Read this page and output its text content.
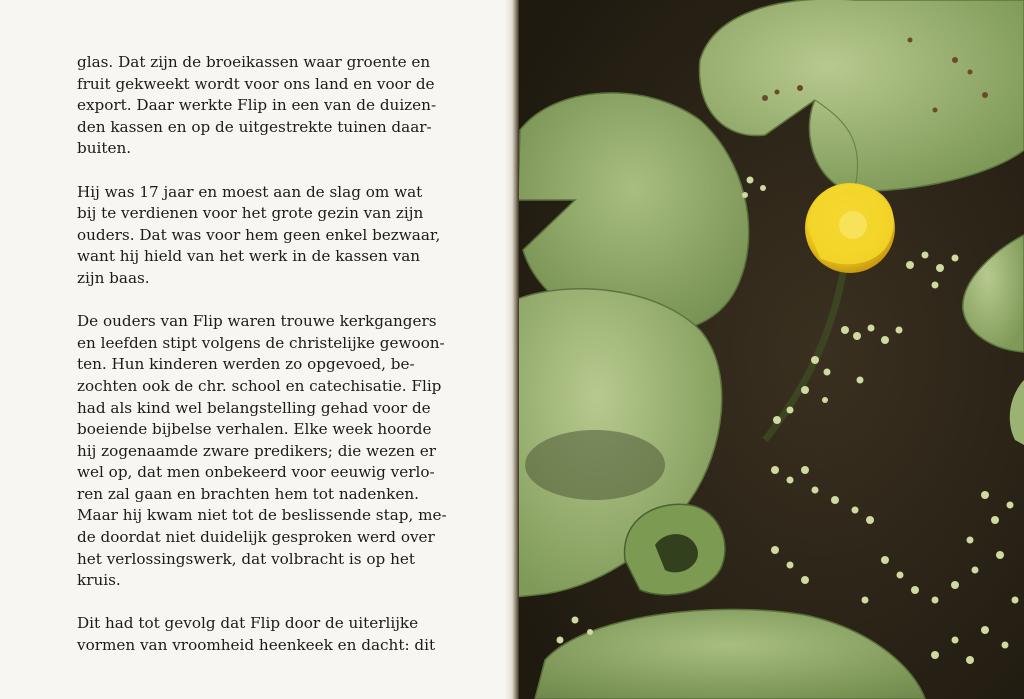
glas. Dat zijn de broeikassen waar groente en
fruit gekweekt wordt voor ons land en voor de
export. Daar werkte Flip in een van de duizen-
den kassen en op de uitgestrekte tuinen daar-
buiten.

Hij was 17 jaar en moest aan de slag om wat
bij te verdienen voor het grote gezin van zijn
ouders. Dat was voor hem geen enkel bezwaar,
want hij hield van het werk in de kassen van
zijn baas.

De ouders van Flip waren trouwe kerkgangers
en leefden stipt volgens de christelijke gewoon-
ten. Hun kinderen werden zo opgevoed, be-
zochten ook de chr. school en catechisatie. Flip
had als kind wel belangstelling gehad voor de
boeiende bijbelse verhalen. Elke week hoorde
hij zogenaamde zware predikers; die wezen er
wel op, dat men onbekeerd voor eeuwig verlo-
ren zal gaan en brachten hem tot nadenken.
Maar hij kwam niet tot de beslissende stap, me-
de doordat niet duidelijk gesproken werd over
het verlossingswerk, dat volbracht is op het
kruis.

Dit had tot gevolg dat Flip door de uiterlijke
vormen van vroomheid heenkeek en dacht: dit
